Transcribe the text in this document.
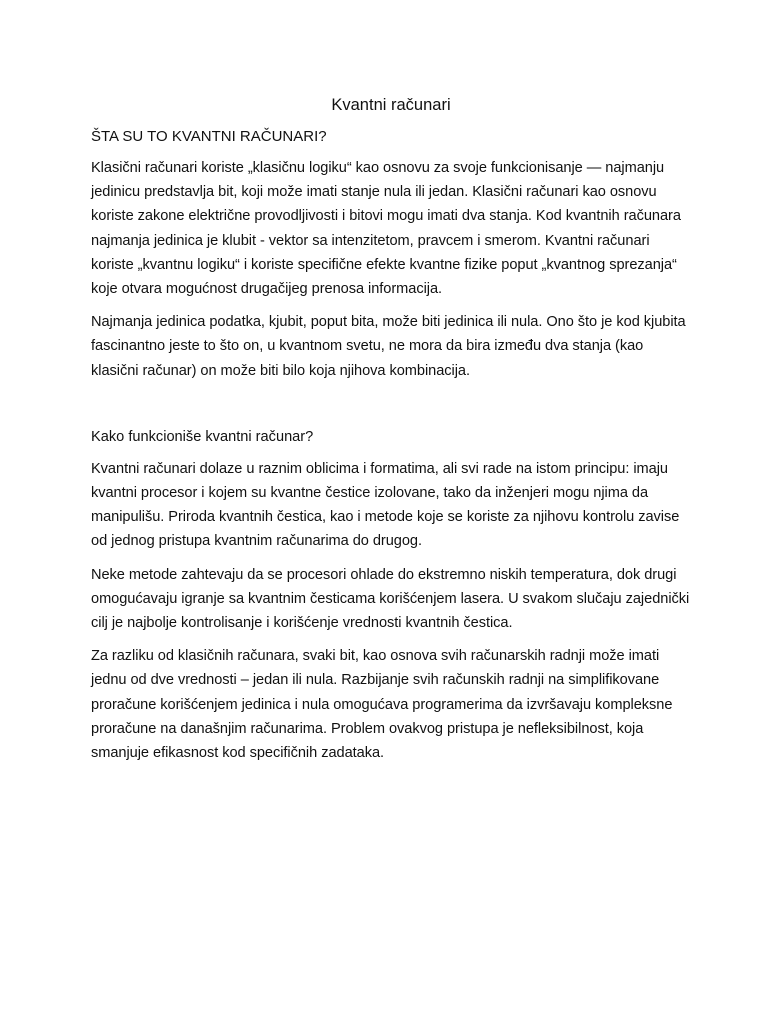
Kvantni računari
ŠTA SU TO KVANTNI RAČUNARI?

Klasični računari koriste „klasičnu logiku“ kao osnovu za svoje funkcionisanje — najmanju jedinicu predstavlja bit, koji može imati stanje nula ili jedan. Klasični računari kao osnovu koriste zakone električne provodljivosti i bitovi mogu imati dva stanja. Kod kvantnih računara najmanja jedinica je klubit - vektor sa intenzitetom, pravcem i smerom. Kvantni računari koriste „kvantnu logiku“ i koriste specifične efekte kvantne fizike poput „kvantnog sprezanja“ koje otvara mogućnost drugačijeg prenosa informacija.

Najmanja jedinica podatka, kjubit, poput bita, može biti jedinica ili nula. Ono što je kod kjubita fascinantno jeste to što on, u kvantnom svetu, ne mora da bira između dva stanja (kao klasični računar) on može biti bilo koja njihova kombinacija.

Kako funkcioniše kvantni računar?

Kvantni računari dolaze u raznim oblicima i formatima, ali svi rade na istom principu: imaju kvantni procesor i kojem su kvantne čestice izolovane, tako da inženjeri mogu njima da manipulišu. Priroda kvantnih čestica, kao i metode koje se koriste za njihovu kontrolu zavise od jednog pristupa kvantnim računarima do drugog.

Neke metode zahtevaju da se procesori ohlade do ekstremno niskih temperatura, dok drugi omogućavaju igranje sa kvantnim česticama korišćenjem lasera. U svakom slučaju zajednički cilj je najbolje kontrolisanje i korišćenje vrednosti kvantnih čestica.

Za razliku od klasičnih računara, svaki bit, kao osnova svih računarskih radnji može imati jednu od dve vrednosti – jedan ili nula. Razbijanje svih računskih radnji na simplifikovane proračune korišćenjem jedinica i nula omogućava programerima da izvršavaju kompleksne proračune na današnjim računarima. Problem ovakvog pristupa je nefleksibilnost, koja smanjuje efikasnost kod specifičnih zadataka.
